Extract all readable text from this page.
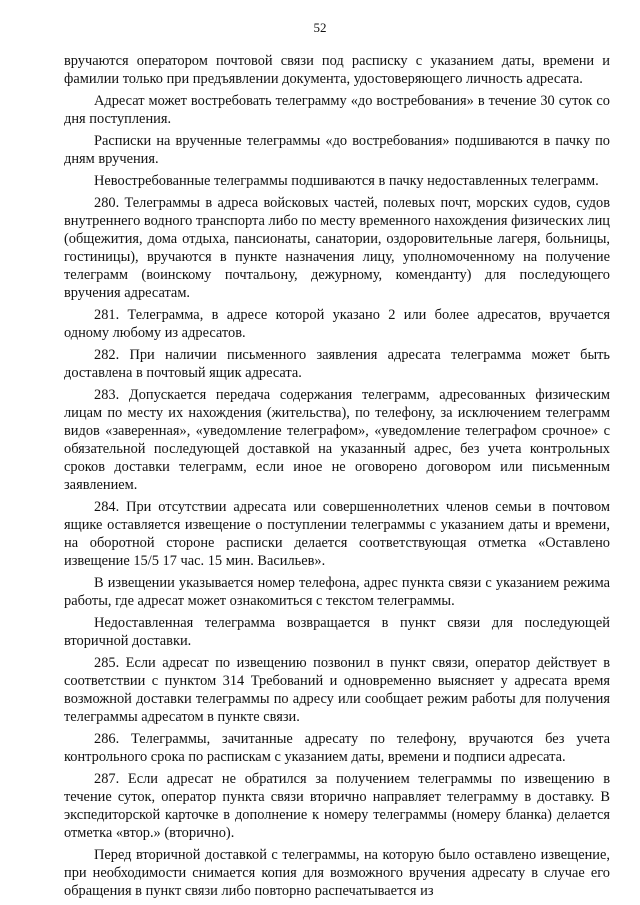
52

вручаются оператором почтовой связи под расписку с указанием даты, времени и фамилии только при предъявлении документа, удостоверяющего личность адресата.

Адресат может востребовать телеграмму «до востребования» в течение 30 суток со дня поступления.

Расписки на врученные телеграммы «до востребования» подшиваются в пачку по дням вручения.

Невостребованные телеграммы подшиваются в пачку недоставленных телеграмм.

280. Телеграммы в адреса войсковых частей, полевых почт, морских судов, судов внутреннего водного транспорта либо по месту временного нахождения физических лиц (общежития, дома отдыха, пансионаты, санатории, оздоровительные лагеря, больницы, гостиницы), вручаются в пункте назначения лицу, уполномоченному на получение телеграмм (воинскому почтальону, дежурному, коменданту) для последующего вручения адресатам.

281. Телеграмма, в адресе которой указано 2 или более адресатов, вручается одному любому из адресатов.

282. При наличии письменного заявления адресата телеграмма может быть доставлена в почтовый ящик адресата.

283. Допускается передача содержания телеграмм, адресованных физическим лицам по месту их нахождения (жительства), по телефону, за исключением телеграмм видов «заверенная», «уведомление телеграфом», «уведомление телеграфом срочное» с обязательной последующей доставкой на указанный адрес, без учета контрольных сроков доставки телеграмм, если иное не оговорено договором или письменным заявлением.

284. При отсутствии адресата или совершеннолетних членов семьи в почтовом ящике оставляется извещение о поступлении телеграммы с указанием даты и времени, на оборотной стороне расписки делается соответствующая отметка «Оставлено извещение 15/5 17 час. 15 мин. Васильев».

В извещении указывается номер телефона, адрес пункта связи с указанием режима работы, где адресат может ознакомиться с текстом телеграммы.

Недоставленная телеграмма возвращается в пункт связи для последующей вторичной доставки.

285. Если адресат по извещению позвонил в пункт связи, оператор действует в соответствии с пунктом 314 Требований и одновременно выясняет у адресата время возможной доставки телеграммы по адресу или сообщает режим работы для получения телеграммы адресатом в пункте связи.

286. Телеграммы, зачитанные адресату по телефону, вручаются без учета контрольного срока по распискам с указанием даты, времени и подписи адресата.

287. Если адресат не обратился за получением телеграммы по извещению в течение суток, оператор пункта связи вторично направляет телеграмму в доставку. В экспедиторской карточке в дополнение к номеру телеграммы (номеру бланка) делается отметка «втор.» (вторично).

Перед вторичной доставкой с телеграммы, на которую было оставлено извещение, при необходимости снимается копия для возможного вручения адресату в случае его обращения в пункт связи либо повторно распечатывается из
